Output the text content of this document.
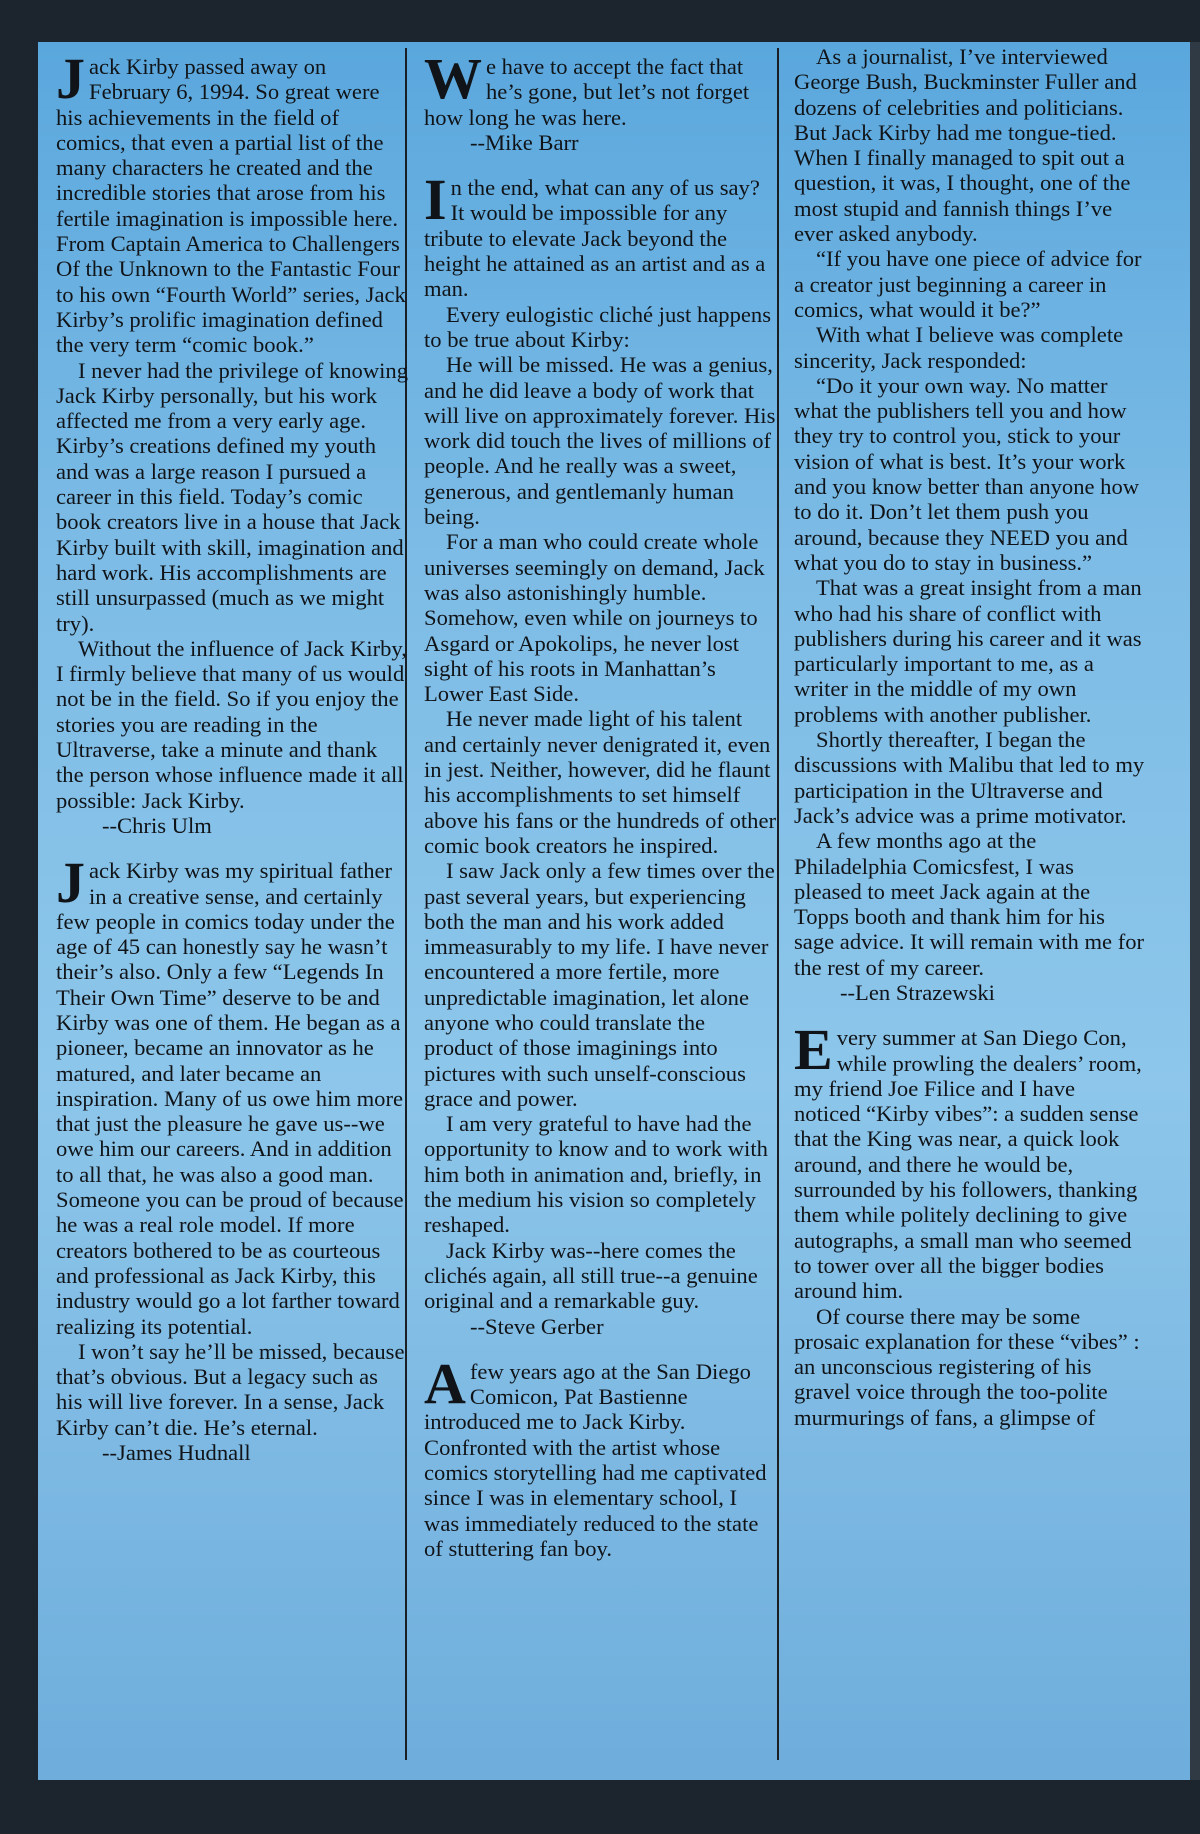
J ack Kirby passed away on February 6, 1994. So great were his achievements in the field of comics, that even a partial list of the many characters he created and the incredible stories that arose from his fertile imagination is impossible here. From Captain America to Challengers Of the Unknown to the Fantastic Four to his own “Fourth World” series, Jack Kirby’s prolific imagination defined the very term “comic book.”

I never had the privilege of knowing Jack Kirby personally, but his work affected me from a very early age. Kirby’s creations defined my youth and was a large reason I pursued a career in this field. Today’s comic book creators live in a house that Jack Kirby built with skill, imagination and hard work. His accomplishments are still unsurpassed (much as we might try).

Without the influence of Jack Kirby, I firmly believe that many of us would not be in the field. So if you enjoy the stories you are reading in the Ultraverse, take a minute and thank the person whose influence made it all possible: Jack Kirby.

--Chris Ulm

J ack Kirby was my spiritual father in a creative sense, and certainly few people in comics today under the age of 45 can honestly say he wasn’t their’s also. Only a few “Legends In Their Own Time” deserve to be and Kirby was one of them. He began as a pioneer, became an innovator as he matured, and later became an inspiration. Many of us owe him more that just the pleasure he gave us--we owe him our careers. And in addition to all that, he was also a good man. Someone you can be proud of because he was a real role model. If more creators bothered to be as courteous and professional as Jack Kirby, this industry would go a lot farther toward realizing its potential.

I won’t say he’ll be missed, because that’s obvious. But a legacy such as his will live forever. In a sense, Jack Kirby can’t die. He’s eternal.

--James Hudnall

W e have to accept the fact that he’s gone, but let’s not forget how long he was here.

--Mike Barr

I n the end, what can any of us say? It would be impossible for any tribute to elevate Jack beyond the height he attained as an artist and as a man.

Every eulogistic cliché just happens to be true about Kirby:

He will be missed. He was a genius, and he did leave a body of work that will live on approximately forever. His work did touch the lives of millions of people. And he really was a sweet, generous, and gentlemanly human being.

For a man who could create whole universes seemingly on demand, Jack was also astonishingly humble. Somehow, even while on journeys to Asgard or Apokolips, he never lost sight of his roots in Manhattan’s Lower East Side.

He never made light of his talent and certainly never denigrated it, even in jest. Neither, however, did he flaunt his accomplishments to set himself above his fans or the hundreds of other comic book creators he inspired.

I saw Jack only a few times over the past several years, but experiencing both the man and his work added immeasurably to my life. I have never encountered a more fertile, more unpredictable imagination, let alone anyone who could translate the product of those imaginings into pictures with such unself-conscious grace and power.

I am very grateful to have had the opportunity to know and to work with him both in animation and, briefly, in the medium his vision so completely reshaped.

Jack Kirby was--here comes the clichés again, all still true--a genuine original and a remarkable guy.

--Steve Gerber

A few years ago at the San Diego Comicon, Pat Bastienne introduced me to Jack Kirby. Confronted with the artist whose comics storytelling had me captivated since I was in elementary school, I was immediately reduced to the state of stuttering fan boy.

As a journalist, I’ve interviewed George Bush, Buckminster Fuller and dozens of celebrities and politicians. But Jack Kirby had me tongue-tied. When I finally managed to spit out a question, it was, I thought, one of the most stupid and fannish things I’ve ever asked anybody.

“If you have one piece of advice for a creator just beginning a career in comics, what would it be?”

With what I believe was complete sincerity, Jack responded:

“Do it your own way. No matter what the publishers tell you and how they try to control you, stick to your vision of what is best. It’s your work and you know better than anyone how to do it. Don’t let them push you around, because they NEED you and what you do to stay in business.”

That was a great insight from a man who had his share of conflict with publishers during his career and it was particularly important to me, as a writer in the middle of my own problems with another publisher.

Shortly thereafter, I began the discussions with Malibu that led to my participation in the Ultraverse and Jack’s advice was a prime motivator.

A few months ago at the Philadelphia Comicsfest, I was pleased to meet Jack again at the Topps booth and thank him for his sage advice. It will remain with me for the rest of my career.

--Len Strazewski

E very summer at San Diego Con, while prowling the dealers’ room, my friend Joe Filice and I have noticed “Kirby vibes”: a sudden sense that the King was near, a quick look around, and there he would be, surrounded by his followers, thanking them while politely declining to give autographs, a small man who seemed to tower over all the bigger bodies around him.

Of course there may be some prosaic explanation for these “vibes” : an unconscious registering of his gravel voice through the too-polite murmurings of fans, a glimpse of
